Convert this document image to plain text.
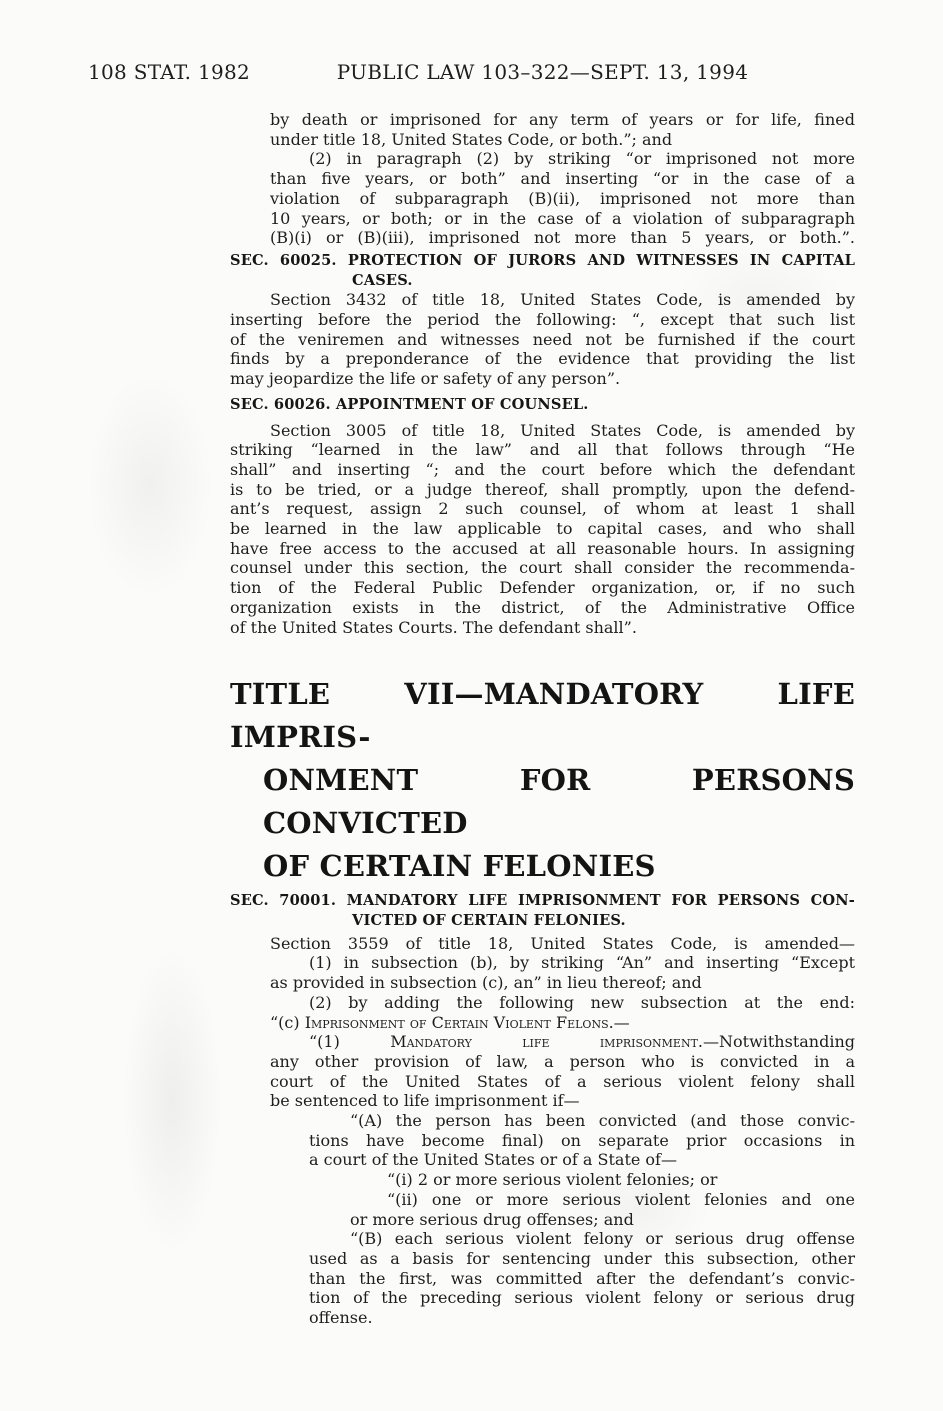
108 STAT. 1982	PUBLIC LAW 103–322—SEPT. 13, 1994
by death or imprisoned for any term of years or for life, fined
under title 18, United States Code, or both.”; and
(2) in paragraph (2) by striking “or imprisoned not more
than five years, or both” and inserting “or in the case of a
violation of subparagraph (B)(ii), imprisoned not more than
10 years, or both; or in the case of a violation of subparagraph
(B)(i) or (B)(iii), imprisoned not more than 5 years, or both.”.
SEC. 60025. PROTECTION OF JURORS AND WITNESSES IN CAPITAL
CASES.
Section 3432 of title 18, United States Code, is amended by
inserting before the period the following: “, except that such list
of the veniremen and witnesses need not be furnished if the court
finds by a preponderance of the evidence that providing the list
may jeopardize the life or safety of any person”.
SEC. 60026. APPOINTMENT OF COUNSEL.
Section 3005 of title 18, United States Code, is amended by
striking “learned in the law” and all that follows through “He
shall” and inserting “; and the court before which the defendant
is to be tried, or a judge thereof, shall promptly, upon the defend-
ant’s request, assign 2 such counsel, of whom at least 1 shall
be learned in the law applicable to capital cases, and who shall
have free access to the accused at all reasonable hours. In assigning
counsel under this section, the court shall consider the recommenda-
tion of the Federal Public Defender organization, or, if no such
organization exists in the district, of the Administrative Office
of the United States Courts. The defendant shall”.
TITLE VII—MANDATORY LIFE IMPRIS-
ONMENT FOR PERSONS CONVICTED
OF CERTAIN FELONIES
SEC. 70001. MANDATORY LIFE IMPRISONMENT FOR PERSONS CON-
VICTED OF CERTAIN FELONIES.
Section 3559 of title 18, United States Code, is amended—
(1) in subsection (b), by striking “An” and inserting “Except
as provided in subsection (c), an” in lieu thereof; and
(2) by adding the following new subsection at the end:
“(c) Imprisonment of Certain Violent Felons.—
“(1) Mandatory life imprisonment.—Notwithstanding
any other provision of law, a person who is convicted in a
court of the United States of a serious violent felony shall
be sentenced to life imprisonment if—
“(A) the person has been convicted (and those convic-
tions have become final) on separate prior occasions in
a court of the United States or of a State of—
“(i) 2 or more serious violent felonies; or
“(ii) one or more serious violent felonies and one
or more serious drug offenses; and
“(B) each serious violent felony or serious drug offense
used as a basis for sentencing under this subsection, other
than the first, was committed after the defendant’s convic-
tion of the preceding serious violent felony or serious drug
offense.
